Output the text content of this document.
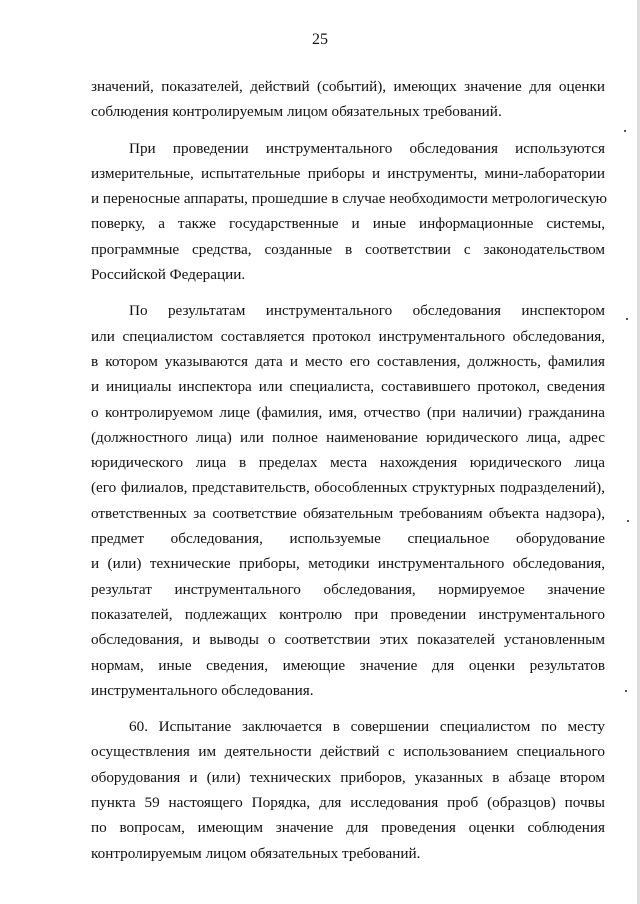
25

значений, показателей, действий (событий), имеющих значение для оценки
соблюдения контролируемым лицом обязательных требований.

При проведении инструментального обследования используются
измерительные, испытательные приборы и инструменты, мини-лаборатории
и переносные аппараты, прошедшие в случае необходимости метрологическую
поверку, а также государственные и иные информационные системы,
программные средства, созданные в соответствии с законодательством
Российской Федерации.

По результатам инструментального обследования инспектором
или специалистом составляется протокол инструментального обследования,
в котором указываются дата и место его составления, должность, фамилия
и инициалы инспектора или специалиста, составившего протокол, сведения
о контролируемом лице (фамилия, имя, отчество (при наличии) гражданина
(должностного лица) или полное наименование юридического лица, адрес
юридического лица в пределах места нахождения юридического лица
(его филиалов, представительств, обособленных структурных подразделений),
ответственных за соответствие обязательным требованиям объекта надзора),
предмет обследования, используемые специальное оборудование
и (или) технические приборы, методики инструментального обследования,
результат инструментального обследования, нормируемое значение
показателей, подлежащих контролю при проведении инструментального
обследования, и выводы о соответствии этих показателей установленным
нормам, иные сведения, имеющие значение для оценки результатов
инструментального обследования.

60. Испытание заключается в совершении специалистом по месту
осуществления им деятельности действий с использованием специального
оборудования и (или) технических приборов, указанных в абзаце втором
пункта 59 настоящего Порядка, для исследования проб (образцов) почвы
по вопросам, имеющим значение для проведения оценки соблюдения
контролируемым лицом обязательных требований.
